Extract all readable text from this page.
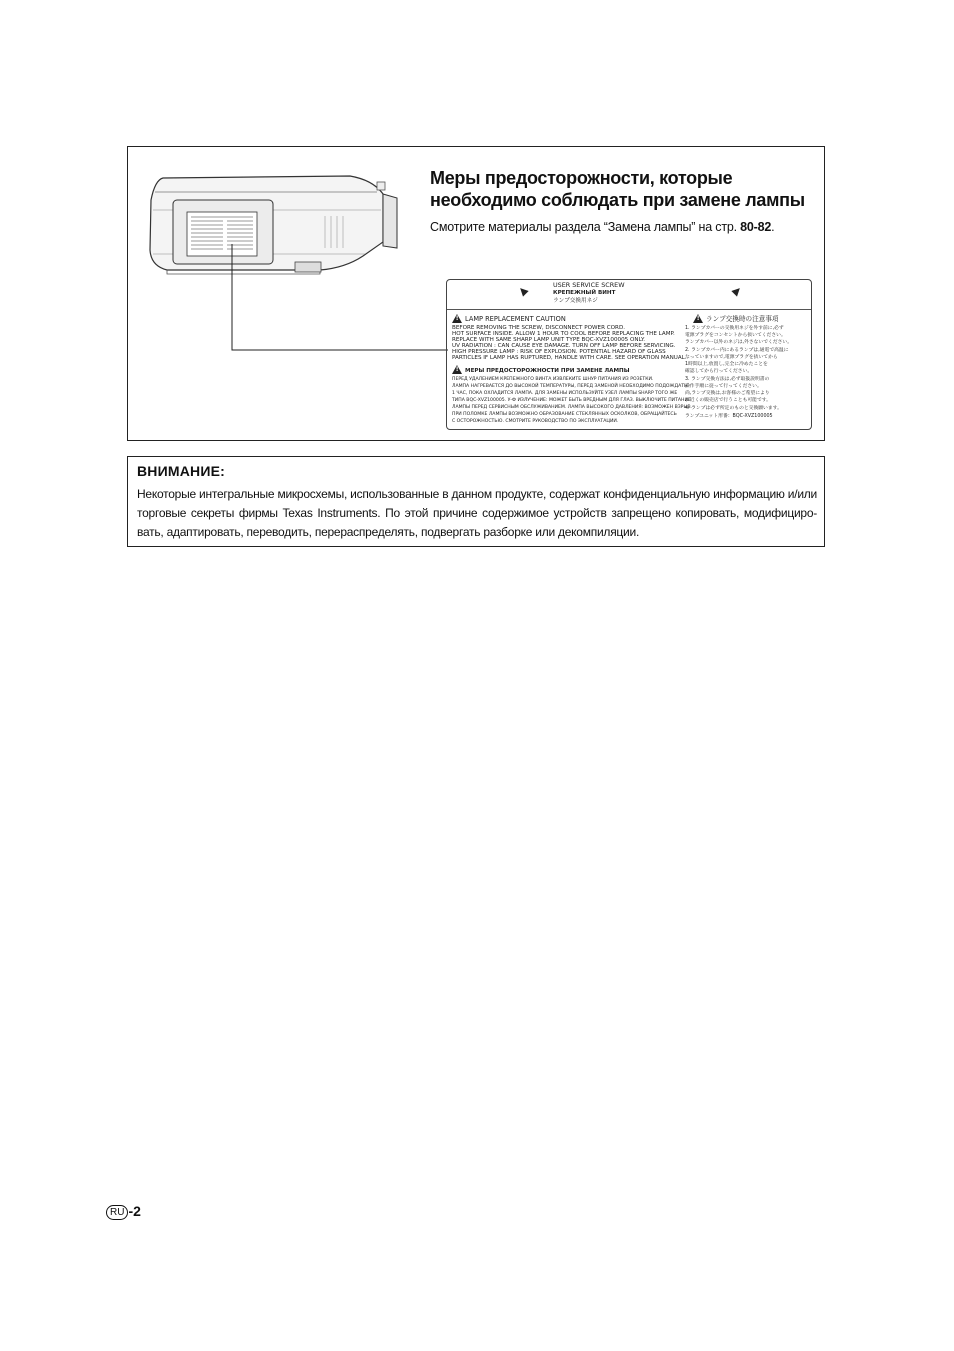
Меры предосторожности, которые
необходимо соблюдать при замене лампы
Смотрите материалы раздела “Замена лампы” на стр. 80-82.
USER SERVICE SCREW
КРЕПЕЖНЫЙ ВИНТ
ランプ交換用ネジ
!
LAMP REPLACEMENT CAUTION
BEFORE REMOVING THE SCREW, DISCONNECT POWER CORD.
HOT SURFACE INSIDE. ALLOW 1 HOUR TO COOL BEFORE REPLACING THE LAMP.
REPLACE WITH SAME SHARP LAMP UNIT TYPE BQC-XVZ100005 ONLY.
UV RADIATION : CAN CAUSE EYE DAMAGE. TURN OFF LAMP BEFORE SERVICING.
HIGH PRESSURE LAMP : RISK OF EXPLOSION. POTENTIAL HAZARD OF GLASS
PARTICLES IF LAMP HAS RUPTURED, HANDLE WITH CARE. SEE OPERATION MANUAL.
!
МЕРЫ ПРЕДОСТОРОЖНОСТИ ПРИ ЗАМЕНЕ ЛАМПЫ
ПЕРЕД УДАЛЕНИЕМ КРЕПЕЖНОГО ВИНТА ИЗВЛЕКИТЕ ШНУР ПИТАНИЯ ИЗ РОЗЕТКИ.
ЛАМПА НАГРЕВАЕТСЯ ДО ВЫСОКОЙ ТЕМПЕРАТУРЫ, ПЕРЕД ЗАМЕНОЙ НЕОБХОДИМО ПОДОЖДАТЬ
1 ЧАС, ПОКА ОХЛАДИТСЯ ЛАМПА. ДЛЯ ЗАМЕНЫ ИСПОЛЬЗУЙТЕ УЗЕЛ ЛАМПЫ SHARP ТОГО ЖЕ
ТИПА BQC-XVZ100005. У-Ф ИЗЛУЧЕНИЕ: МОЖЕТ БЫТЬ ВРЕДНЫМ ДЛЯ ГЛАЗ. ВЫКЛЮЧИТЕ ПИТАНИЕ
ЛАМПЫ ПЕРЕД СЕРВИСНЫМ ОБСЛУЖИВАНИЕМ. ЛАМПА ВЫСОКОГО ДАВЛЕНИЯ: ВОЗМОЖЕН ВЗРЫВ.
ПРИ ПОЛОМКЕ ЛАМПЫ ВОЗМОЖНО ОБРАЗОВАНИЕ СТЕКЛЯННЫХ ОСКОЛКОВ, ОБРАЩАЙТЕСЬ
С ОСТОРОЖНОСТЬЮ. СМОТРИТЕ РУКОВОДСТВО ПО ЭКСПЛУАТАЦИИ.
!
ランプ交換時の注意事項
1. ランプカバーの交換用ネジを外す前に,必ず
電源プラグをコンセントから抜いてください。
ランプカバー以外のネジは,外さないでください。
2. ランプカバー内にあるランプは,通電で高温に
なっていますので,電源プラグを抜いてから
1時間以上,放置し,完全に冷めたことを
確認してから行ってください。
3. ランプ交換方法は,必ず取扱説明書の
操作手順に従って行ってください。
尚,ランプ交換は,お客様のご希望により
お近くの販売店で行うことも可能です。
4. ランプは必ず所定のものと交換願います。
ランプユニット形番：BQC-XVZ100005
ВНИМАНИЕ:
Некоторые интегральные микросхемы, использованные в данном продукте, содержат конфиденциальную информацию и/или торговые секреты фирмы Texas Instruments. По этой причине содержимое устройств запрещено копировать, модифициро-вать, адаптировать, переводить, перераспределять, подвергать разборке или декомпиляции.
RU -2
